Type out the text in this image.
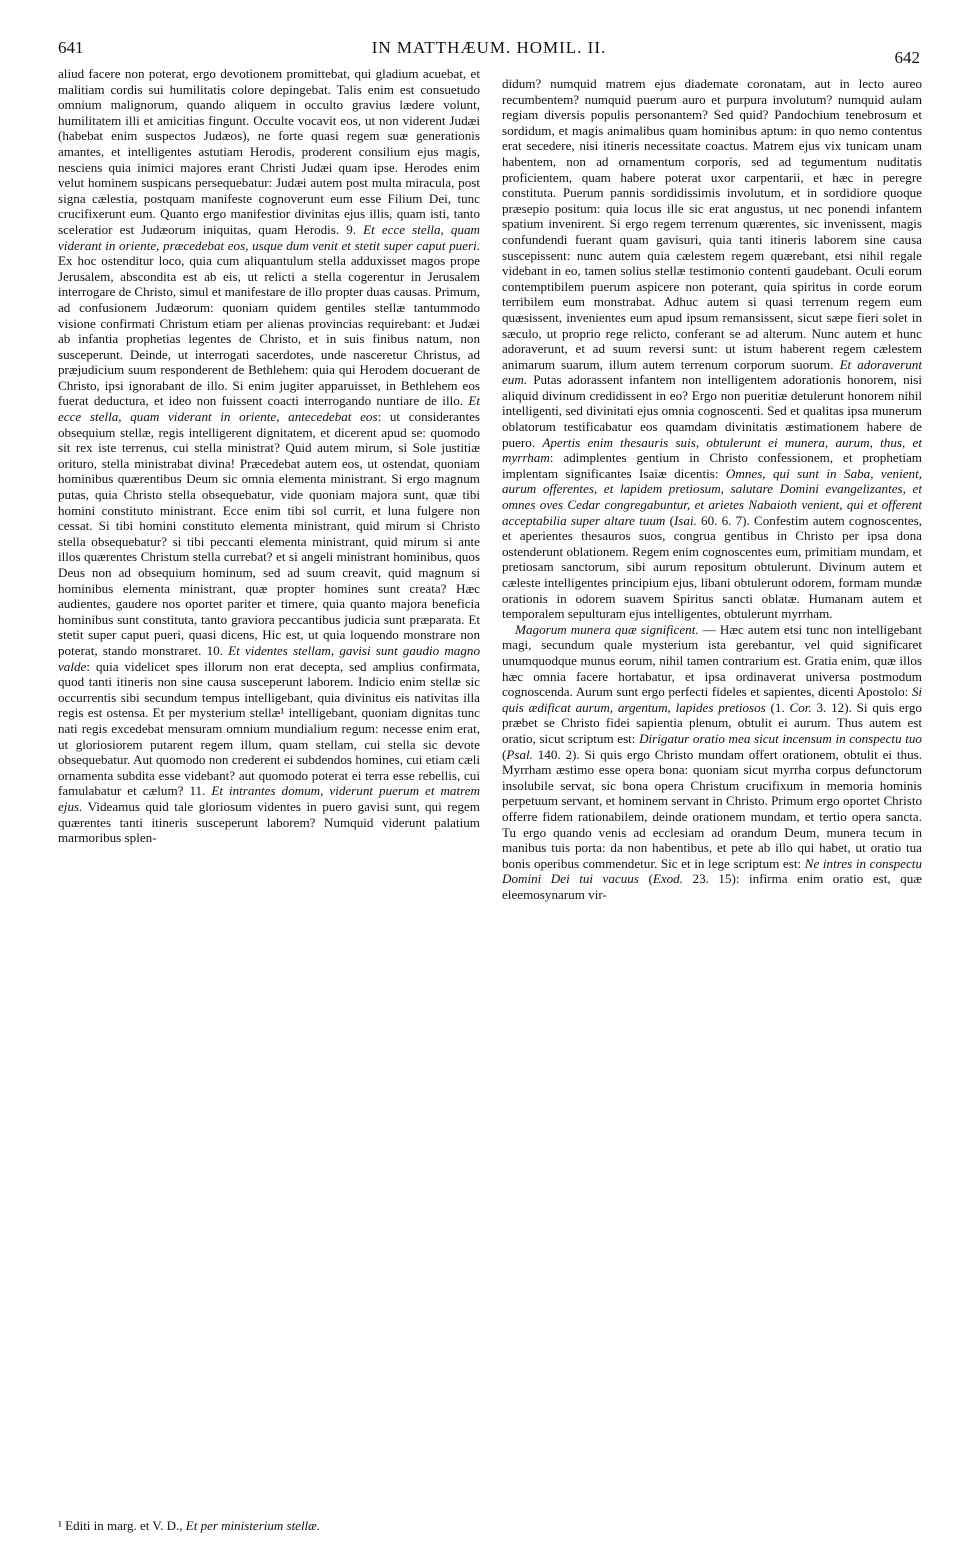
641	IN MATTHÆUM. HOMIL. II.
642

aliud facere non poterat, ergo devotionem promittebat, qui gladium acuebat, et malitiam cordis sui humilitatis colore depingebat. Talis enim est consuetudo omnium malignorum, quando aliquem in occulto gravius lædere volunt, humilitatem illi et amicitias fingunt. Occulte vocavit eos, ut non viderent Judæi (habebat enim suspectos Judæos), ne forte quasi regem suæ generationis amantes, et intelligentes astutiam Herodis, proderent consilium ejus magis, nesciens quia inimici majores erant Christi Judæi quam ipse. Herodes enim velut hominem suspicans persequebatur: Judæi autem post multa miracula, post signa cælestia, postquam manifeste cognoverunt eum esse Filium Dei, tunc crucifixerunt eum. Quanto ergo manifestior divinitas ejus illis, quam isti, tanto sceleratior est Judæorum iniquitas, quam Herodis. 9. Et ecce stella, quam viderant in oriente, præcedebat eos, usque dum venit et stetit super caput pueri. Ex hoc ostenditur loco, quia cum aliquantulum stella adduxisset magos prope Jerusalem, abscondita est ab eis, ut relicti a stella cogerentur in Jerusalem interrogare de Christo, simul et manifestare de illo propter duas causas. Primum, ad confusionem Judæorum: quoniam quidem gentiles stellæ tantummodo visione confirmati Christum etiam per alienas provincias requirebant: et Judæi ab infantia prophetias legentes de Christo, et in suis finibus natum, non susceperunt. Deinde, ut interrogati sacerdotes, unde nasceretur Christus, ad præjudicium suum responderent de Bethlehem: quia qui Herodem docuerant de Christo, ipsi ignorabant de illo. Si enim jugiter apparuisset, in Bethlehem eos fuerat deductura, et ideo non fuissent coacti interrogando nuntiare de illo. Et ecce stella, quam viderant in oriente, antecedebat eos: ut considerantes obsequium stellæ, regis intelligerent dignitatem, et dicerent apud se: quomodo sit rex iste terrenus, cui stella ministrat? Quid autem mirum, si Sole justitiæ orituro, stella ministrabat divina! Præcedebat autem eos, ut ostendat, quoniam hominibus quærentibus Deum sic omnia elementa ministrant. Si ergo magnum putas, quia Christo stella obsequebatur, vide quoniam majora sunt, quæ tibi homini constituto ministrant. Ecce enim tibi sol currit, et luna fulgere non cessat. Si tibi homini constituto elementa ministrant, quid mirum si Christo stella obsequebatur? si tibi peccanti elementa ministrant, quid mirum si ante illos quærentes Christum stella currebat? et si angeli ministrant hominibus, quos Deus non ad obsequium hominum, sed ad suum creavit, quid magnum si hominibus elementa ministrant, quæ propter homines sunt creata? Hæc audientes, gaudere nos oportet pariter et timere, quia quanto majora beneficia hominibus sunt constituta, tanto graviora peccantibus judicia sunt præparata. Et stetit super caput pueri, quasi dicens, Hic est, ut quia loquendo monstrare non poterat, stando monstraret. 10. Et videntes stellam, gavisi sunt gaudio magno valde: quia videlicet spes illorum non erat decepta, sed amplius confirmata, quod tanti itineris non sine causa susceperunt laborem. Indicio enim stellæ sic occurrentis sibi secundum tempus intelligebant, quia divinitus eis nativitas illa regis est ostensa. Et per mysterium stellæ¹ intelligebant, quoniam dignitas tunc nati regis excedebat mensuram omnium mundialium regum: necesse enim erat, ut gloriosiorem putarent regem illum, quam stellam, cui stella sic devote obsequebatur. Aut quomodo non crederent ei subdendos homines, cui etiam cæli ornamenta subdita esse videbant? aut quomodo poterat ei terra esse rebellis, cui famulabatur et cælum? 11. Et intrantes domum, viderunt puerum et matrem ejus. Videamus quid tale gloriosum videntes in puero gavisi sunt, qui regem quærentes tanti itineris susceperunt laborem? Numquid viderunt palatium marmoribus splen-

didum? numquid matrem ejus diademate coronatam, aut in lecto aureo recumbentem? numquid puerum auro et purpura involutum? numquid aulam regiam diversis populis personantem? Sed quid? Pandochium tenebrosum et sordidum, et magis animalibus quam hominibus aptum: in quo nemo contentus erat secedere, nisi itineris necessitate coactus. Matrem ejus vix tunicam unam habentem, non ad ornamentum corporis, sed ad tegumentum nuditatis proficientem, quam habere poterat uxor carpentarii, et hæc in peregre constituta. Puerum pannis sordidissimis involutum, et in sordidiore quoque præsepio positum: quia locus ille sic erat angustus, ut nec ponendi infantem spatium invenirent. Si ergo regem terrenum quærentes, sic invenissent, magis confundendi fuerant quam gavisuri, quia tanti itineris laborem sine causa suscepissent: nunc autem quia cælestem regem quærebant, etsi nihil regale videbant in eo, tamen solius stellæ testimonio contenti gaudebant. Oculi eorum contemptibilem puerum aspicere non poterant, quia spiritus in corde eorum terribilem eum monstrabat. Adhuc autem si quasi terrenum regem eum quæsissent, invenientes eum apud ipsum remansissent, sicut sæpe fieri solet in sæculo, ut proprio rege relicto, conferant se ad alterum. Nunc autem et hunc adoraverunt, et ad suum reversi sunt: ut istum haberent regem cælestem animarum suarum, illum autem terrenum corporum suorum. Et adoraverunt eum. Putas adorassent infantem non intelligentem adorationis honorem, nisi aliquid divinum credidissent in eo? Ergo non pueritiæ detulerunt honorem nihil intelligenti, sed divinitati ejus omnia cognoscenti. Sed et qualitas ipsa munerum oblatorum testificabatur eos quamdam divinitatis æstimationem habere de puero. Apertis enim thesauris suis, obtulerunt ei munera, aurum, thus, et myrrham: adimplentes gentium in Christo confessionem, et prophetiam implentam significantes Isaiæ dicentis: Omnes, qui sunt in Saba, venient, aurum offerentes, et lapidem pretiosum, salutare Domini evangelizantes, et omnes oves Cedar congregabuntur, et arietes Nabaioth venient, qui et offerent acceptabilia super altare tuum (Isai. 60. 6. 7). Confestim autem cognoscentes, et aperientes thesauros suos, congrua gentibus in Christo per ipsa dona ostenderunt oblationem. Regem enim cognoscentes eum, primitiam mundam, et pretiosam sanctorum, sibi aurum repositum obtulerunt. Divinum autem et cæleste intelligentes principium ejus, libani obtulerunt odorem, formam mundæ orationis in odorem suavem Spiritus sancti oblatæ. Humanam autem et temporalem sepulturam ejus intelligentes, obtulerunt myrrham.
Magorum munera quæ significent. — Hæc autem etsi tunc non intelligebant magi, secundum quale mysterium ista gerebantur, vel quid significaret unumquodque munus eorum, nihil tamen contrarium est. Gratia enim, quæ illos hæc omnia facere hortabatur, et ipsa ordinaverat universa postmodum cognoscenda. Aurum sunt ergo perfecti fideles et sapientes, dicenti Apostolo: Si quis ædificat aurum, argentum, lapides pretiosos (1. Cor. 3. 12). Si quis ergo præbet se Christo fidei sapientia plenum, obtulit ei aurum. Thus autem est oratio, sicut scriptum est: Dirigatur oratio mea sicut incensum in conspectu tuo (Psal. 140. 2). Si quis ergo Christo mundam offert orationem, obtulit ei thus. Myrrham æstimo esse opera bona: quoniam sicut myrrha corpus defunctorum insolubile servat, sic bona opera Christum crucifixum in memoria hominis perpetuum servant, et hominem servant in Christo. Primum ergo oportet Christo offerre fidem rationabilem, deinde orationem mundam, et tertio opera sancta. Tu ergo quando venis ad ecclesiam ad orandum Deum, munera tecum in manibus tuis porta: da non habentibus, et pete ab illo qui habet, ut oratio tua bonis operibus commendetur. Sic et in lege scriptum est: Ne intres in conspectu Domini Dei tui vacuus (Exod. 23. 15): infirma enim oratio est, quæ eleemosynarum vir-

¹ Editi in marg. et V. D., Et per ministerium stellæ.
